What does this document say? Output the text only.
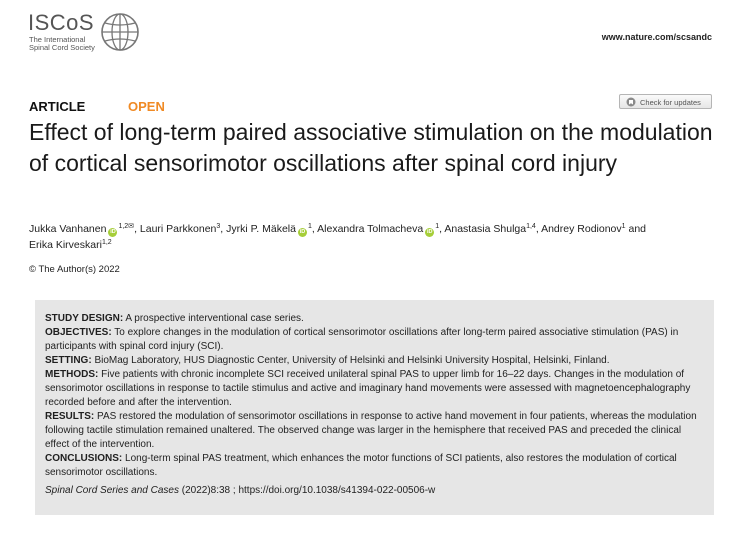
ISCoS
The International Spinal Cord Society
www.nature.com/scsandc
ARTICLE	OPEN	Check for updates
Effect of long-term paired associative stimulation on the modulation of cortical sensorimotor oscillations after spinal cord injury
Jukka Vanhanen $iD^{1,2✉}$, Lauri Parkkonen$^3$, Jyrki P. Mäkelä $iD^1$, Alexandra Tolmacheva $iD^1$, Anastasia Shulga$^{1,4}$, Andrey Rodionov$^1$ and
Erika Kirveskari$^{1,2}$
© The Author(s) 2022

STUDY DESIGN: A prospective interventional case series.

OBJECTIVES: To explore changes in the modulation of cortical sensorimotor oscillations after long-term paired associative stimulation (PAS) in participants with spinal cord injury (SCI).

SETTING: BioMag Laboratory, HUS Diagnostic Center, University of Helsinki and Helsinki University Hospital, Helsinki, Finland.

METHODS: Five patients with chronic incomplete SCI received unilateral spinal PAS to upper limb for 16–22 days. Changes in the modulation of sensorimotor oscillations in response to tactile stimulus and active and imaginary hand movements were assessed with magnetoencephalography recorded before and after the intervention.

RESULTS: PAS restored the modulation of sensorimotor oscillations in response to active hand movement in four patients, whereas the modulation following tactile stimulation remained unaltered. The observed change was larger in the hemisphere that received PAS and preceded the clinical effect of the intervention.

CONCLUSIONS: Long-term spinal PAS treatment, which enhances the motor functions of SCI patients, also restores the modulation of cortical sensorimotor oscillations.

Spinal Cord Series and Cases (2022)8:38 ; https://doi.org/10.1038/s41394-022-00506-w
